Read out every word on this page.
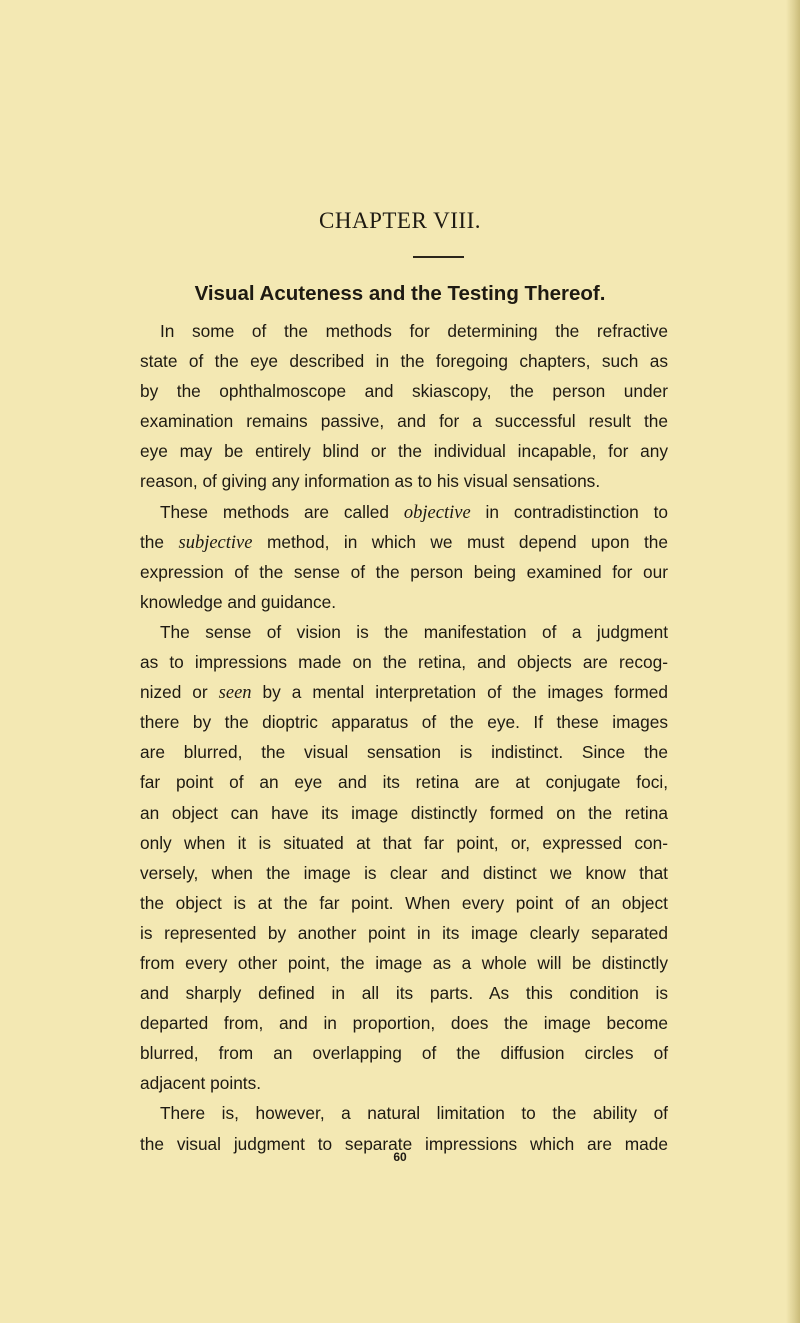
CHAPTER VIII.
Visual Acuteness and the Testing Thereof.
In some of the methods for determining the refractive
state of the eye described in the foregoing chapters, such as
by the ophthalmoscope and skiascopy, the person under
examination remains passive, and for a successful result the
eye may be entirely blind or the individual incapable, for any
reason, of giving any information as to his visual sensations.
These methods are called objective in contradistinction to
the subjective method, in which we must depend upon the
expression of the sense of the person being examined for our
knowledge and guidance.
The sense of vision is the manifestation of a judgment
as to impressions made on the retina, and objects are recog-
nized or seen by a mental interpretation of the images formed
there by the dioptric apparatus of the eye. If these images
are blurred, the visual sensation is indistinct. Since the
far point of an eye and its retina are at conjugate foci,
an object can have its image distinctly formed on the retina
only when it is situated at that far point, or, expressed con-
versely, when the image is clear and distinct we know that
the object is at the far point. When every point of an object
is represented by another point in its image clearly separated
from every other point, the image as a whole will be distinctly
and sharply defined in all its parts. As this condition is
departed from, and in proportion, does the image become
blurred, from an overlapping of the diffusion circles of
adjacent points.
There is, however, a natural limitation to the ability of
the visual judgment to separate impressions which are made
60
